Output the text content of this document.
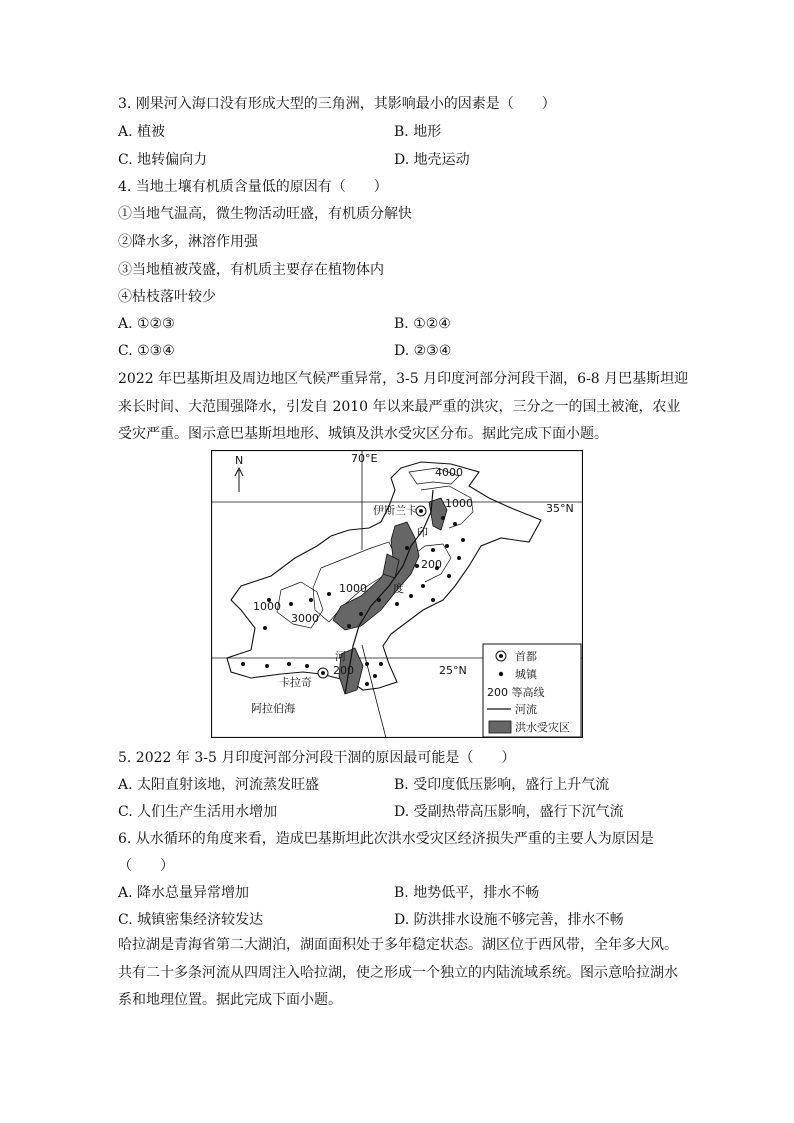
3. 刚果河入海口没有形成大型的三角洲，其影响最小的因素是（　　）
A. 植被	B. 地形
C. 地转偏向力	D. 地壳运动
4. 当地土壤有机质含量低的原因有（　　）
①当地气温高，微生物活动旺盛，有机质分解快
②降水多，淋溶作用强
③当地植被茂盛，有机质主要存在植物体内
④枯枝落叶较少
A. ①②③	B. ①②④
C. ①③④	D. ②③④
2022 年巴基斯坦及周边地区气候严重异常，3-5 月印度河部分河段干涸，6-8 月巴基斯坦迎
来长时间、大范围强降水，引发自 2010 年以来最严重的洪灾，三分之一的国土被淹，农业
受灾严重。图示意巴基斯坦地形、城镇及洪水受灾区分布。据此完成下面小题。
N	70°E
35°N
25°N
伊斯兰卡
卡拉奇
阿拉伯海
印
度
河
4000
1000
200
1000
1000
3000
200
首都
城镇
200 等高线
河流
洪水受灾区
5. 2022 年 3-5 月印度河部分河段干涸的原因最可能是（　　）
A. 太阳直射该地，河流蒸发旺盛	B. 受印度低压影响，盛行上升气流
C. 人们生产生活用水增加	D. 受副热带高压影响，盛行下沉气流
6. 从水循环的角度来看，造成巴基斯坦此次洪水受灾区经济损失严重的主要人为原因是
（　　）
A. 降水总量异常增加	B. 地势低平，排水不畅
C. 城镇密集经济较发达	D. 防洪排水设施不够完善，排水不畅
哈拉湖是青海省第二大湖泊，湖面面积处于多年稳定状态。湖区位于西风带，全年多大风。
共有二十多条河流从四周注入哈拉湖，使之形成一个独立的内陆流域系统。图示意哈拉湖水
系和地理位置。据此完成下面小题。
